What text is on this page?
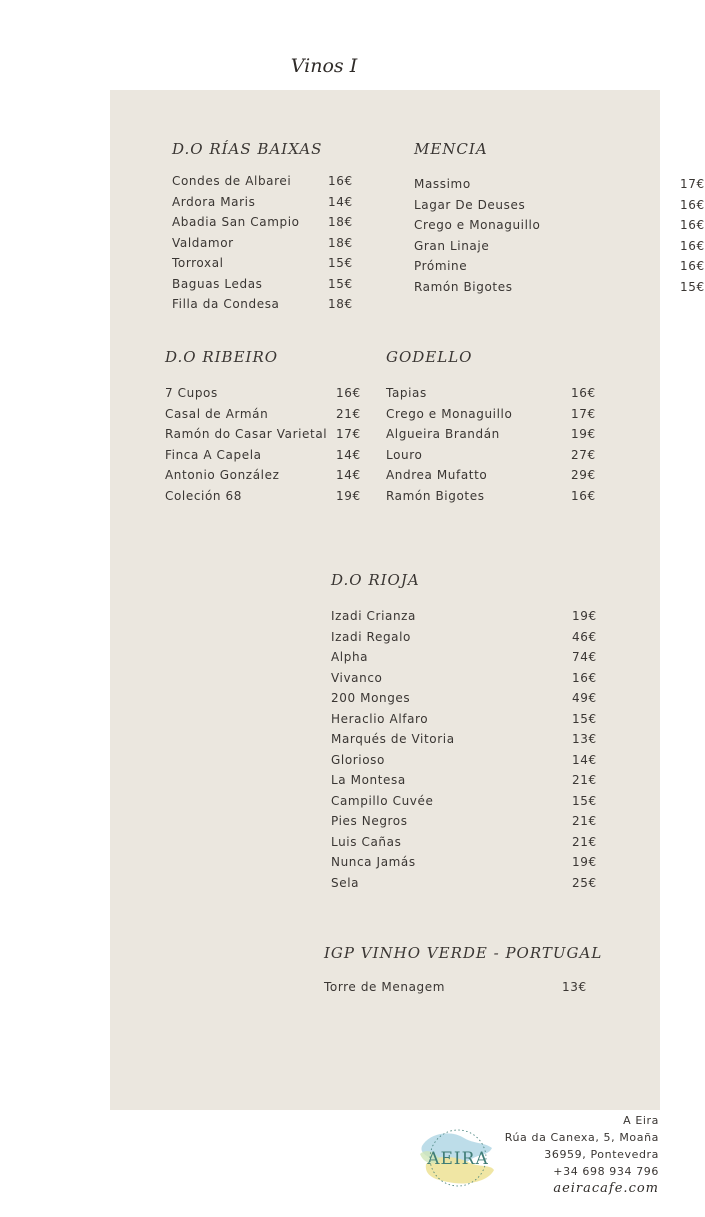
Vinos I
D.O RÍAS BAIXAS
Condes de Albarei	16€
Ardora Maris	14€
Abadia San Campio 18€
Valdamor	18€
Torroxal	15€
Baguas Ledas	15€
Filla da Condesa	18€
MENCIA
Massimo	17€
Lagar De Deuses	16€
Crego e Monaguillo	16€
Gran Linaje	16€
Prómine	16€
Ramón Bigotes	15€
D.O RIBEIRO
7 Cupos	16€
Casal de Armán	21€
Ramón do Casar Varietal 17€
Finca A Capela	14€
Antonio González	14€
Coleción 68	19€
GODELLO
Tapias	16€
Crego e Monaguillo	17€
Algueira Brandán	19€
Louro	27€
Andrea Mufatto	29€
Ramón Bigotes	16€
D.O RIOJA
Izadi Crianza	19€
Izadi Regalo	46€
Alpha	74€
Vivanco	16€
200 Monges	49€
Heraclio Alfaro	15€
Marqués de Vitoria	13€
Glorioso	14€
La Montesa	21€
Campillo Cuvée	15€
Pies Negros	21€
Luis Cañas	21€
Nunca Jamás	19€
Sela	25€
IGP VINHO VERDE - PORTUGAL
Torre de Menagem	13€
AEIRA
A Eira
Rúa da Canexa, 5, Moaña
36959, Pontevedra
+34 698 934 796
aeiracafe.com
